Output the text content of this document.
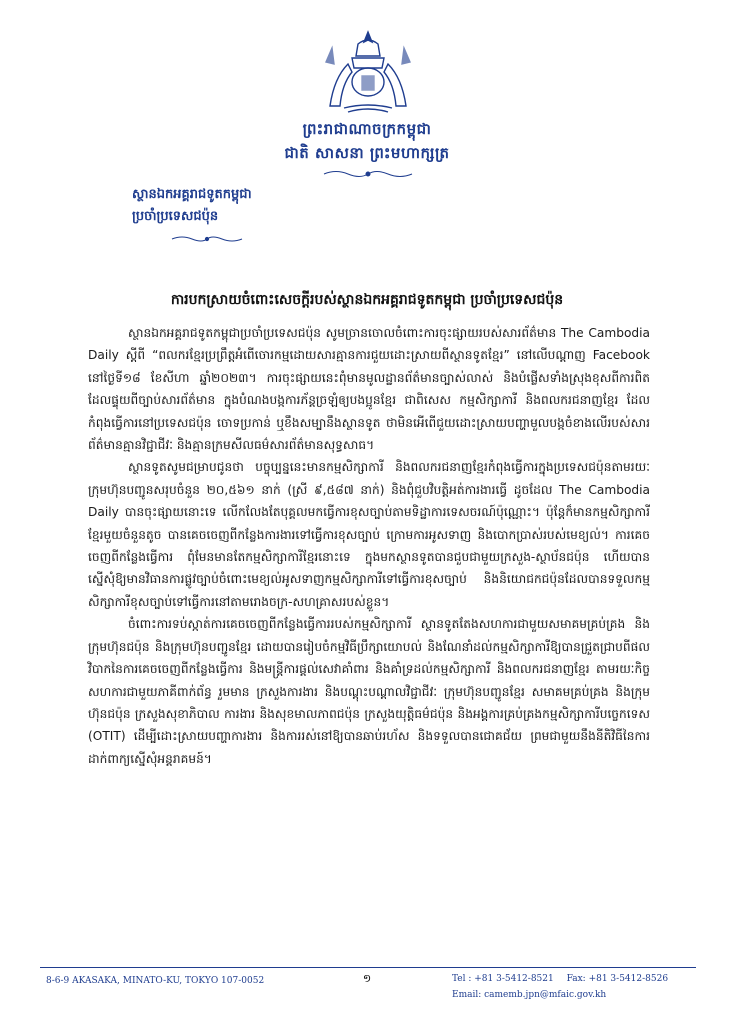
ព្រះរាជាណាចក្រកម្ពុជា
ជាតិ សាសនា ព្រះមហាក្សត្រ
ស្ថានឯកអគ្គរាជទូតកម្ពុជា
ប្រចាំប្រទេសជប៉ុន
ការបកស្រាយចំពោះសេចក្តីរបស់ស្ថានឯកអគ្គរាជទូតកម្ពុជា ប្រចាំប្រទេសជប៉ុន

ស្ថានឯកអគ្គរាជទូតកម្ពុជាប្រចាំប្រទេសជប៉ុន សូមច្រានចោលចំពោះការចុះផ្សាយរបស់សារព័ត៌មាន The Cambodia Daily ស្តីពី “ពលករខ្មែរប្រព្រឹត្តអំពើចោរកម្មដោយសារគ្មានការជួយដោះស្រាយពីស្ថានទូតខ្មែរ” នៅលើបណ្តាញ Facebook នៅថ្ងៃទី១៨ ខែសីហា ឆ្នាំ២០២៣។ ការចុះផ្សាយនេះពុំមានមូលដ្ឋានព័ត៌មានច្បាស់លាស់ និងបំផ្លើសទាំងស្រុងខុសពីការពិត ដែលផ្ទុយពីច្បាប់សារព័ត៌មាន ក្នុងបំណងបង្កការភ័ន្តច្រឡំឲ្យបងប្អូនខ្មែរ ជាពិសេស កម្មសិក្សាការី និងពលករជនាញខ្មែរ ដែលកំពុងធ្វើការនៅប្រទេសជប៉ុន ចោទប្រកាន់ ឬខឹងសម្បានឹងស្ថានទូត ថាមិនអើពើជួយដោះស្រាយបញ្ហាមួលបង្កចំខាងលើរបស់សារព័ត៌មានគ្មានវិជ្ជាជីវៈ និងគ្មានក្រមសីលធម៌សារព័ត៌មានសុទ្ធសាធ។

ស្ថានទូតសូមជម្រាបជូនថា បច្ចុប្បន្ននេះមានកម្មសិក្សាការី និងពលករជនាញខ្មែរកំពុងធ្វើការក្នុងប្រទេសជប៉ុនតាមរយៈក្រុមហ៊ុនបញ្ជូនសរុបចំនួន ២០,៥៦១ នាក់ (ស្រី ៩,៥៨៧ នាក់) និងពុំជួបវិបត្តិអត់ការងារធ្វើ ដូចដែល The Cambodia Daily បានចុះផ្សាយនោះទេ លើកលែងតែបុគ្គលមកធ្វើការខុសច្បាប់តាមទិដ្ឋាការទេសចរណ៍ប៉ុណ្ណោះ។ ប៉ុន្តែក៏មានកម្មសិក្សាការីខ្មែរមួយចំនួនតូច បានគេចចេញពីកន្លែងការងារទៅធ្វើការខុសច្បាប់ ក្រោមការអូសទាញ និងបោកប្រាស់របស់មេខ្យល់។ ការគេចចេញពីកន្លែងធ្វើការ ពុំមែនមានតែកម្មសិក្សាការីខ្មែរនោះទេ ក្នុងមកស្ថានទូតបានជួបជាមួយក្រសួង-ស្ថាប័នជប៉ុន ហើយបានស្នើសុំឱ្យមានវិធានការផ្លូវច្បាប់ចំពោះមេខ្យល់អូសទាញកម្មសិក្សាការីទៅធ្វើការខុសច្បាប់ និងនិយោជកជប៉ុនដែលបានទទួលកម្មសិក្សាការីខុសច្បាប់ទៅធ្វើការនៅតាមរោងចក្រ-សហគ្រាសរបស់ខ្លួន។

ចំពោះការទប់ស្កាត់ការគេចចេញពីកន្លែងធ្វើការរបស់កម្មសិក្សាការី ស្ថានទូតតែងសហការជាមួយសមាគមគ្រប់គ្រង និងក្រុមហ៊ុនជប៉ុន និងក្រុមហ៊ុនបញ្ជូនខ្មែរ ដោយបានរៀបចំកម្មវិធីប្រឹក្សាយោបល់ និងណែនាំដល់កម្មសិក្សាការីឱ្យបានជ្រួតជ្រាបពីផលវិបាកនៃការគេចចេញពីកន្លែងធ្វើការ និងមន្ត្រីការផ្តល់សេវាគាំពារ និងគាំទ្រដល់កម្មសិក្សាការី និងពលករជនាញខ្មែរ តាមរយៈកិច្ចសហការជាមួយភាគីពាក់ព័ន្ធ រួមមាន ក្រសួងការងារ និងបណ្តុះបណ្តាលវិជ្ជាជីវៈ ក្រុមហ៊ុនបញ្ជូនខ្មែរ សមាគមគ្រប់គ្រង និងក្រុមហ៊ុនជប៉ុន ក្រសួងសុខាភិបាល ការងារ និងសុខមាលភាពជប៉ុន ក្រសួងយុត្តិធម៌ជប៉ុន និងអង្គការគ្រប់គ្រងកម្មសិក្សាការីបច្ចេកទេស (OTIT) ដើម្បីដោះស្រាយបញ្ហាការងារ និងការរស់នៅឱ្យបានឆាប់រហ័ស និងទទួលបានជោគជ័យ ព្រមជាមួយនឹងនីតិវិធីនៃការដាក់ពាក្យស្នើសុំអន្តរាគមន៍។

8-6-9 AKASAKA, MINATO-KU, TOKYO 107-0052	១	Tel : +81 3-5412-8521 Fax: +81 3-5412-8526
Email: camemb.jpn@mfaic.gov.kh
